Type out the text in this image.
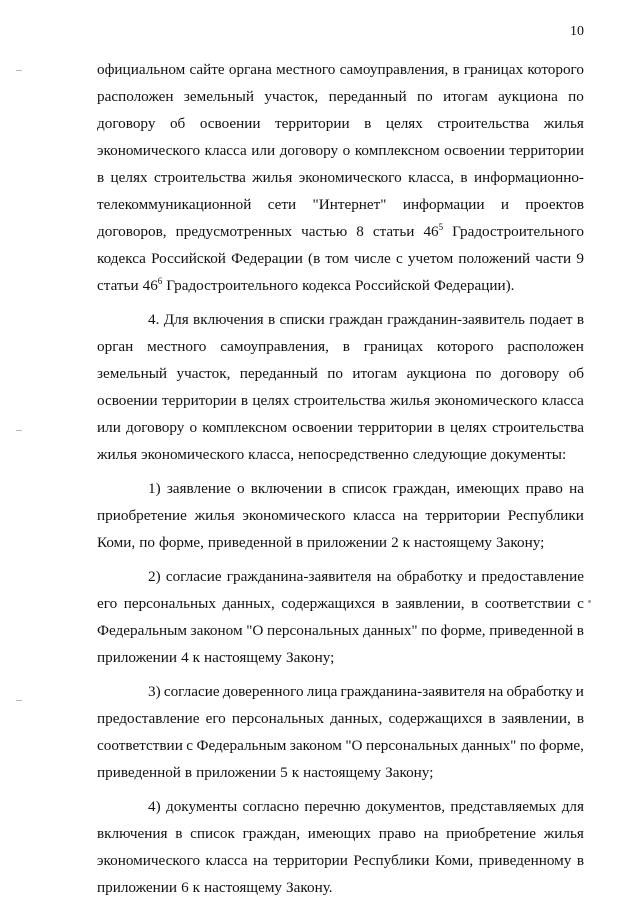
10
официальном сайте органа местного самоуправления, в границах которого
расположен земельный участок, переданный по итогам аукциона по
договору об освоении территории в целях строительства жилья
экономического класса или договору о комплексном освоении территории
в целях строительства жилья экономического класса, в информационно-
телекоммуникационной сети "Интернет" информации и проектов
договоров, предусмотренных частью 8 статьи $46^5$ Градостроительного
кодекса Российской Федерации (в том числе с учетом положений части 9
статьи $46^6$ Градостроительного кодекса Российской Федерации).
4. Для включения в списки граждан гражданин-заявитель подает в
орган местного самоуправления, в границах которого расположен
земельный участок, переданный по итогам аукциона по договору об
освоении территории в целях строительства жилья экономического класса
или договору о комплексном освоении территории в целях строительства
жилья экономического класса, непосредственно следующие документы:
1) заявление о включении в список граждан, имеющих право на
приобретение жилья экономического класса на территории Республики
Коми, по форме, приведенной в приложении 2 к настоящему Закону;
2) согласие гражданина-заявителя на обработку и предоставление
его персональных данных, содержащихся в заявлении, в соответствии с
Федеральным законом "О персональных данных" по форме, приведенной в
приложении 4 к настоящему Закону;
3) согласие доверенного лица гражданина-заявителя на обработку и
предоставление его персональных данных, содержащихся в заявлении, в
соответствии с Федеральным законом "О персональных данных" по форме,
приведенной в приложении 5 к настоящему Закону;
4) документы согласно перечню документов, представляемых для
включения в список граждан, имеющих право на приобретение жилья
экономического класса на территории Республики Коми, приведенному в
приложении 6 к настоящему Закону.
